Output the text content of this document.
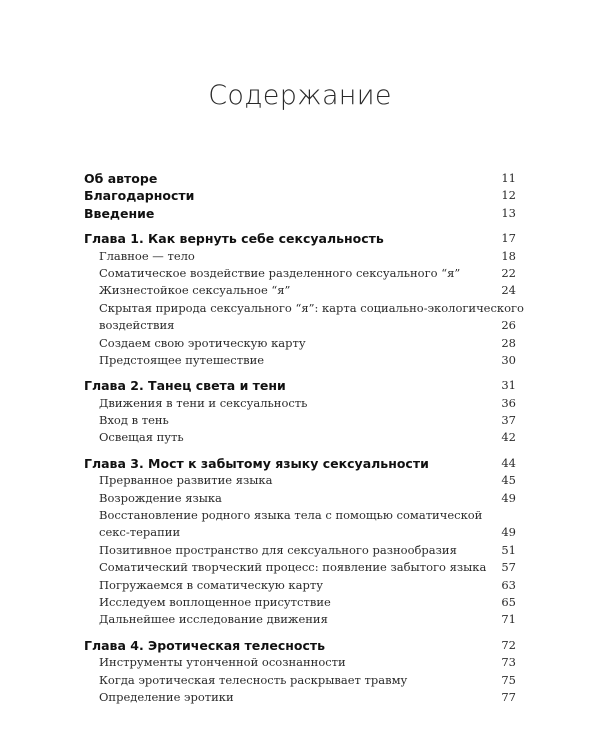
Содержание
Об авторе	11
Благодарности	12
Введение	13
Глава 1. Как вернуть себе сексуальность	17
Главное — тело	18
Соматическое воздействие разделенного сексуального “я”	22
Жизнестойкое сексуальное “я”	24
Скрытая природа сексуального “я”: карта социально-экологического
воздействия	26
Создаем свою эротическую карту	28
Предстоящее путешествие	30
Глава 2. Танец света и тени	31
Движения в тени и сексуальность	36
Вход в тень	37
Освещая путь	42
Глава 3. Мост к забытому языку сексуальности	44
Прерванное развитие языка	45
Возрождение языка	49
Восстановление родного языка тела с помощью соматической
секс-терапии	49
Позитивное пространство для сексуального разнообразия	51
Соматический творческий процесс: появление забытого языка 57
Погружаемся в соматическую карту	63
Исследуем воплощенное присутствие	65
Дальнейшее исследование движения	71
Глава 4. Эротическая телесность	72
Инструменты утонченной осознанности	73
Когда эротическая телесность раскрывает травму	75
Определение эротики	77
